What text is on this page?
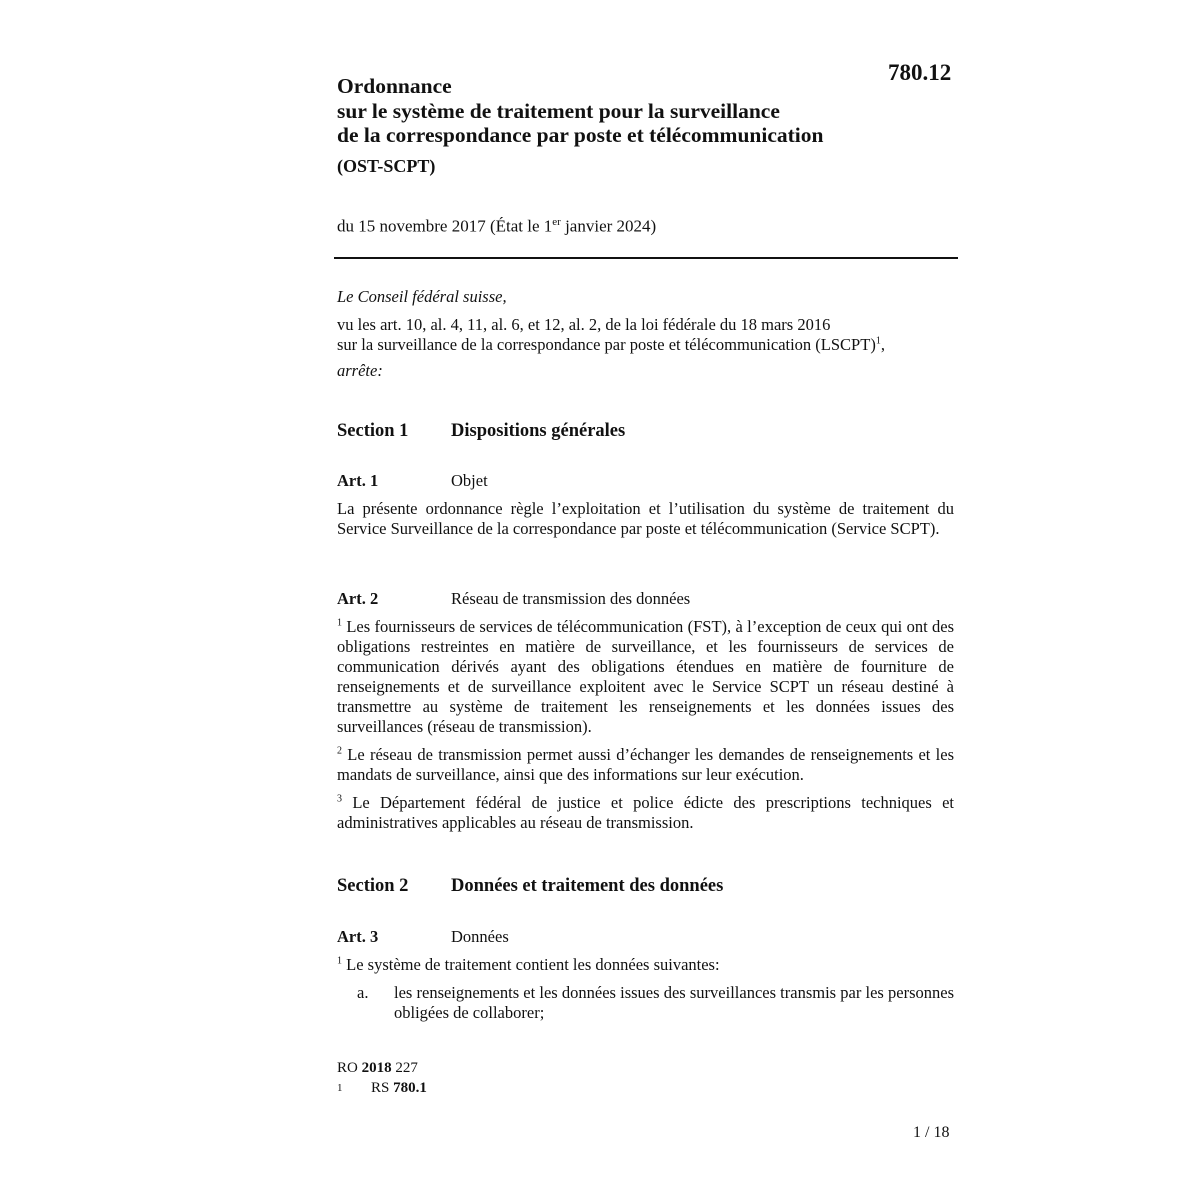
780.12
Ordonnance
sur le système de traitement pour la surveillance
de la correspondance par poste et télécommunication
(OST-SCPT)
du 15 novembre 2017 (État le 1er janvier 2024)
Le Conseil fédéral suisse,
vu les art. 10, al. 4, 11, al. 6, et 12, al. 2, de la loi fédérale du 18 mars 2016
sur la surveillance de la correspondance par poste et télécommunication (LSCPT)$^1$,
arrête:
Section 1 Dispositions générales
Art. 1	Objet
La présente ordonnance règle l’exploitation et l’utilisation du système de traitement du Service Surveillance de la correspondance par poste et télécommunication (Service SCPT).
Art. 2	Réseau de transmission des données
$^1$ Les fournisseurs de services de télécommunication (FST), à l’exception de ceux qui ont des obligations restreintes en matière de surveillance, et les fournisseurs de services de communication dérivés ayant des obligations étendues en matière de fourniture de renseignements et de surveillance exploitent avec le Service SCPT un réseau destiné à transmettre au système de traitement les renseignements et les données issues des surveillances (réseau de transmission).
$^2$ Le réseau de transmission permet aussi d’échanger les demandes de renseignements et les mandats de surveillance, ainsi que des informations sur leur exécution.
$^3$ Le Département fédéral de justice et police édicte des prescriptions techniques et administratives applicables au réseau de transmission.
Section 2 Données et traitement des données
Art. 3	Données
$^1$ Le système de traitement contient les données suivantes:
a. les renseignements et les données issues des surveillances transmis par les personnes obligées de collaborer;
RO 2018 227
1 RS 780.1
1 / 18
